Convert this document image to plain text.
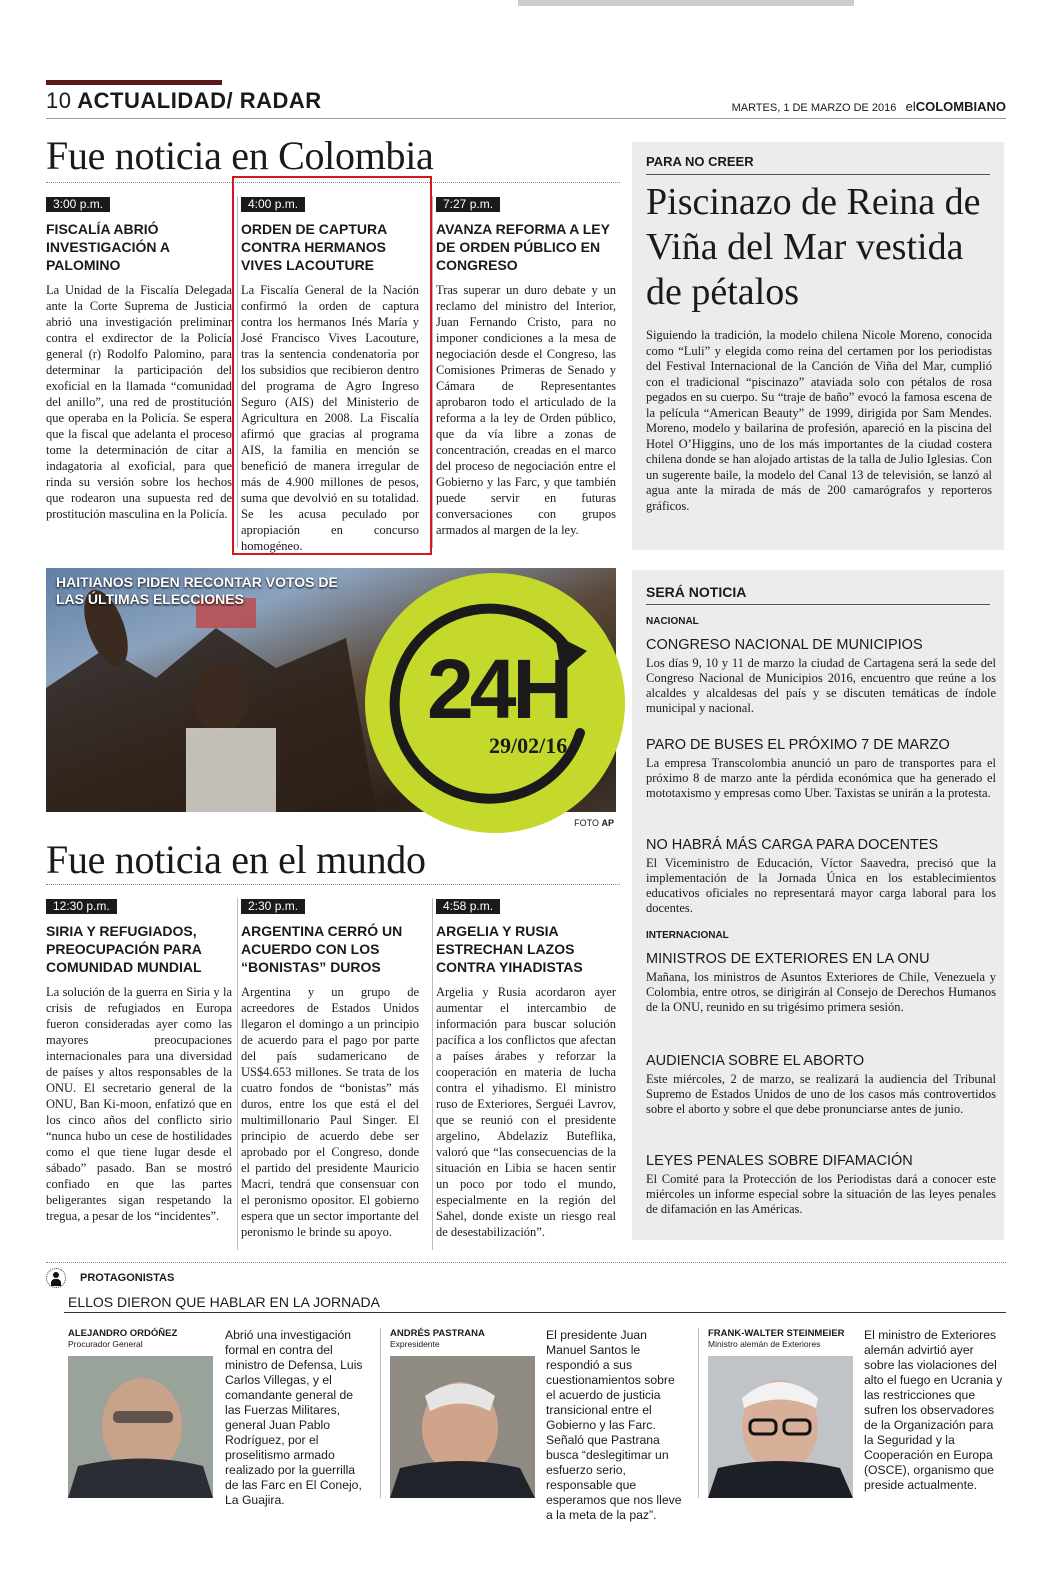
10 ACTUALIDAD/ RADAR	MARTES, 1 DE MARZO DE 2016 elCOLOMBIANO
Fue noticia en Colombia
3:00 p.m.
FISCALÍA ABRIÓ INVESTIGACIÓN A PALOMINO
La Unidad de la Fiscalía Delegada ante la Corte Suprema de Justicia abrió una investigación preliminar contra el exdirector de la Policía general (r) Rodolfo Palomino, para determinar la participación del exoficial en la llamada “comunidad del anillo”, una red de prostitución que operaba en la Policía. Se espera que la fiscal que adelanta el proceso tome la determinación de citar a indagatoria al exoficial, para que rinda su versión sobre los hechos que rodearon una supuesta red de prostitución masculina en la Policía.
4:00 p.m.
ORDEN DE CAPTURA CONTRA HERMANOS VIVES LACOUTURE
La Fiscalía General de la Nación confirmó la orden de captura contra los hermanos Inés María y José Francisco Vives Lacouture, tras la sentencia condenatoria por los subsidios que recibieron dentro del programa de Agro Ingreso Seguro (AIS) del Ministerio de Agricultura en 2008. La Fiscalía afirmó que gracias al programa AIS, la familia en mención se benefició de manera irregular de más de 4.900 millones de pesos, suma que devolvió en su totalidad. Se les acusa peculado por apropiación en concurso homogéneo.
7:27 p.m.
AVANZA REFORMA A LEY DE ORDEN PÚBLICO EN CONGRESO
Tras superar un duro debate y un reclamo del ministro del Interior, Juan Fernando Cristo, para no imponer condiciones a la mesa de negociación desde el Congreso, las Comisiones Primeras de Senado y Cámara de Representantes aprobaron todo el articulado de la reforma a la ley de Orden público, que da vía libre a zonas de concentración, creadas en el marco del proceso de negociación entre el Gobierno y las Farc, y que también puede servir en futuras conversaciones con grupos armados al margen de la ley.
PARA NO CREER
Piscinazo de Reina de Viña del Mar vestida de pétalos
Siguiendo la tradición, la modelo chilena Nicole Moreno, conocida como “Luli” y elegida como reina del certamen por los periodistas del Festival Internacional de la Canción de Viña del Mar, cumplió con el tradicional “piscinazo” ataviada solo con pétalos de rosa pegados en su cuerpo. Su “traje de baño” evocó la famosa escena de la película “American Beauty” de 1999, dirigida por Sam Mendes. Moreno, modelo y bailarina de profesión, apareció en la piscina del Hotel O’Higgins, uno de los más importantes de la ciudad costera chilena donde se han alojado artistas de la talla de Julio Iglesias. Con un sugerente baile, la modelo del Canal 13 de televisión, se lanzó al agua ante la mirada de más de 200 camarógrafos y reporteros gráficos.
HAITIANOS PIDEN RECONTAR VOTOS DE LAS ÚLTIMAS ELECCIONES
24H
29/02/16
FOTO AP
SERÁ NOTICIA
NACIONAL
CONGRESO NACIONAL DE MUNICIPIOS
Los días 9, 10 y 11 de marzo la ciudad de Cartagena será la sede del Congreso Nacional de Municipios 2016, encuentro que reúne a los alcaldes y alcaldesas del país y se discuten temáticas de índole municipal y nacional.
PARO DE BUSES EL PRÓXIMO 7 DE MARZO
La empresa Transcolombia anunció un paro de transportes para el próximo 8 de marzo ante la pérdida económica que ha generado el mototaxismo y empresas como Uber. Taxistas se unirán a la protesta.
NO HABRÁ MÁS CARGA PARA DOCENTES
El Viceministro de Educación, Víctor Saavedra, precisó que la implementación de la Jornada Única en los establecimientos educativos oficiales no representará mayor carga laboral para los docentes.
INTERNACIONAL
MINISTROS DE EXTERIORES EN LA ONU
Mañana, los ministros de Asuntos Exteriores de Chile, Venezuela y Colombia, entre otros, se dirigirán al Consejo de Derechos Humanos de la ONU, reunido en su trigésimo primera sesión.
AUDIENCIA SOBRE EL ABORTO
Este miércoles, 2 de marzo, se realizará la audiencia del Tribunal Supremo de Estados Unidos de uno de los casos más controvertidos sobre el aborto y sobre el que debe pronunciarse antes de junio.
LEYES PENALES SOBRE DIFAMACIÓN
El Comité para la Protección de los Periodistas dará a conocer este miércoles un informe especial sobre la situación de las leyes penales de difamación en las Américas.
Fue noticia en el mundo
12:30 p.m.
SIRIA Y REFUGIADOS, PREOCUPACIÓN PARA COMUNIDAD MUNDIAL
La solución de la guerra en Siria y la crisis de refugiados en Europa fueron consideradas ayer como las mayores preocupaciones internacionales para una diversidad de países y altos responsables de la ONU. El secretario general de la ONU, Ban Ki-moon, enfatizó que en los cinco años del conflicto sirio “nunca hubo un cese de hostilidades como el que tiene lugar desde el sábado” pasado. Ban se mostró confiado en que las partes beligerantes sigan respetando la tregua, a pesar de los “incidentes”.
2:30 p.m.
ARGENTINA CERRÓ UN ACUERDO CON LOS “BONISTAS” DUROS
Argentina y un grupo de acreedores de Estados Unidos llegaron el domingo a un principio de acuerdo para el pago por parte del país sudamericano de US$4.653 millones. Se trata de los cuatro fondos de “bonistas” más duros, entre los que está el del multimillonario Paul Singer. El principio de acuerdo debe ser aprobado por el Congreso, donde el partido del presidente Mauricio Macri, tendrá que consensuar con el peronismo opositor. El gobierno espera que un sector importante del peronismo le brinde su apoyo.
4:58 p.m.
ARGELIA Y RUSIA ESTRECHAN LAZOS CONTRA YIHADISTAS
Argelia y Rusia acordaron ayer aumentar el intercambio de información para buscar solución pacífica a los conflictos que afectan a países árabes y reforzar la cooperación en materia de lucha contra el yihadismo. El ministro ruso de Exteriores, Serguéi Lavrov, que se reunió con el presidente argelino, Abdelaziz Buteflika, valoró que “las consecuencias de la situación en Libia se hacen sentir un poco por todo el mundo, especialmente en la región del Sahel, donde existe un riesgo real de desestabilización”.
PROTAGONISTAS
ELLOS DIERON QUE HABLAR EN LA JORNADA
ALEJANDRO ORDÓÑEZ
Procurador General
Abrió una investigación formal en contra del ministro de Defensa, Luis Carlos Villegas, y el comandante general de las Fuerzas Militares, general Juan Pablo Rodríguez, por el proselitismo armado realizado por la guerrilla de las Farc en El Conejo, La Guajira.
ANDRÉS PASTRANA
Expresidente
El presidente Juan Manuel Santos le respondió a sus cuestionamientos sobre el acuerdo de justicia transicional entre el Gobierno y las Farc. Señaló que Pastrana busca “deslegitimar un esfuerzo serio, responsable que esperamos que nos lleve a la meta de la paz”.
FRANK-WALTER STEINMEIER
Ministro alemán de Exteriores
El ministro de Exteriores alemán advirtió ayer sobre las violaciones del alto el fuego en Ucrania y las restricciones que sufren los observadores de la Organización para la Seguridad y la Cooperación en Europa (OSCE), organismo que preside actualmente.
